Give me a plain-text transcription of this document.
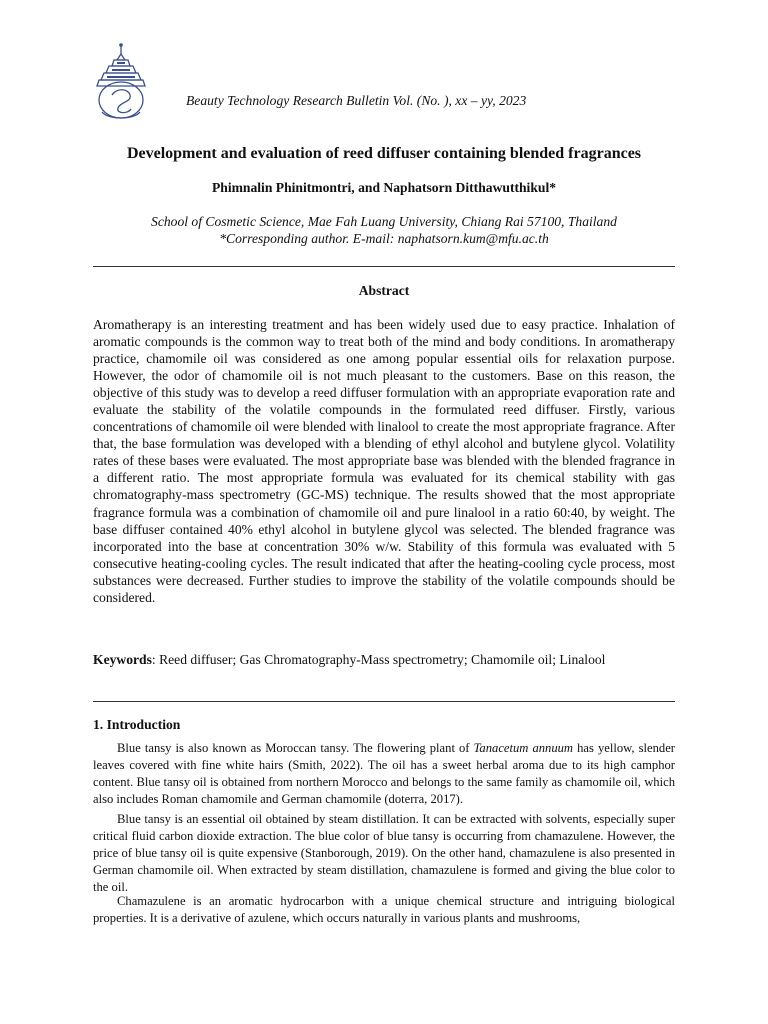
Beauty Technology Research Bulletin Vol. (No. ), xx – yy, 2023
Development and evaluation of reed diffuser containing blended fragrances
Phimnalin Phinitmontri, and Naphatsorn Ditthawutthikul*
School of Cosmetic Science, Mae Fah Luang University, Chiang Rai 57100, Thailand
*Corresponding author. E-mail: naphatsorn.kum@mfu.ac.th
Abstract

Aromatherapy is an interesting treatment and has been widely used due to easy practice. Inhalation of aromatic compounds is the common way to treat both of the mind and body conditions. In aromatherapy practice, chamomile oil was considered as one among popular essential oils for relaxation purpose. However, the odor of chamomile oil is not much pleasant to the customers. Base on this reason, the objective of this study was to develop a reed diffuser formulation with an appropriate evaporation rate and evaluate the stability of the volatile compounds in the formulated reed diffuser. Firstly, various concentrations of chamomile oil were blended with linalool to create the most appropriate fragrance. After that, the base formulation was developed with a blending of ethyl alcohol and butylene glycol. Volatility rates of these bases were evaluated. The most appropriate base was blended with the blended fragrance in a different ratio. The most appropriate formula was evaluated for its chemical stability with gas chromatography-mass spectrometry (GC-MS) technique. The results showed that the most appropriate fragrance formula was a combination of chamomile oil and pure linalool in a ratio 60:40, by weight. The base diffuser contained 40% ethyl alcohol in butylene glycol was selected. The blended fragrance was incorporated into the base at concentration 30% w/w. Stability of this formula was evaluated with 5 consecutive heating-cooling cycles. The result indicated that after the heating-cooling cycle process, most substances were decreased. Further studies to improve the stability of the volatile compounds should be considered.

Keywords: Reed diffuser; Gas Chromatography-Mass spectrometry; Chamomile oil; Linalool

1. Introduction

Blue tansy is also known as Moroccan tansy. The flowering plant of Tanacetum annuum has yellow, slender leaves covered with fine white hairs (Smith, 2022). The oil has a sweet herbal aroma due to its high camphor content. Blue tansy oil is obtained from northern Morocco and belongs to the same family as chamomile oil, which also includes Roman chamomile and German chamomile (doterra, 2017).

Blue tansy is an essential oil obtained by steam distillation. It can be extracted with solvents, especially super critical fluid carbon dioxide extraction. The blue color of blue tansy is occurring from chamazulene. However, the price of blue tansy oil is quite expensive (Stanborough, 2019). On the other hand, chamazulene is also presented in German chamomile oil. When extracted by steam distillation, chamazulene is formed and giving the blue color to the oil.

Chamazulene is an aromatic hydrocarbon with a unique chemical structure and intriguing biological properties. It is a derivative of azulene, which occurs naturally in various plants and mushrooms,
